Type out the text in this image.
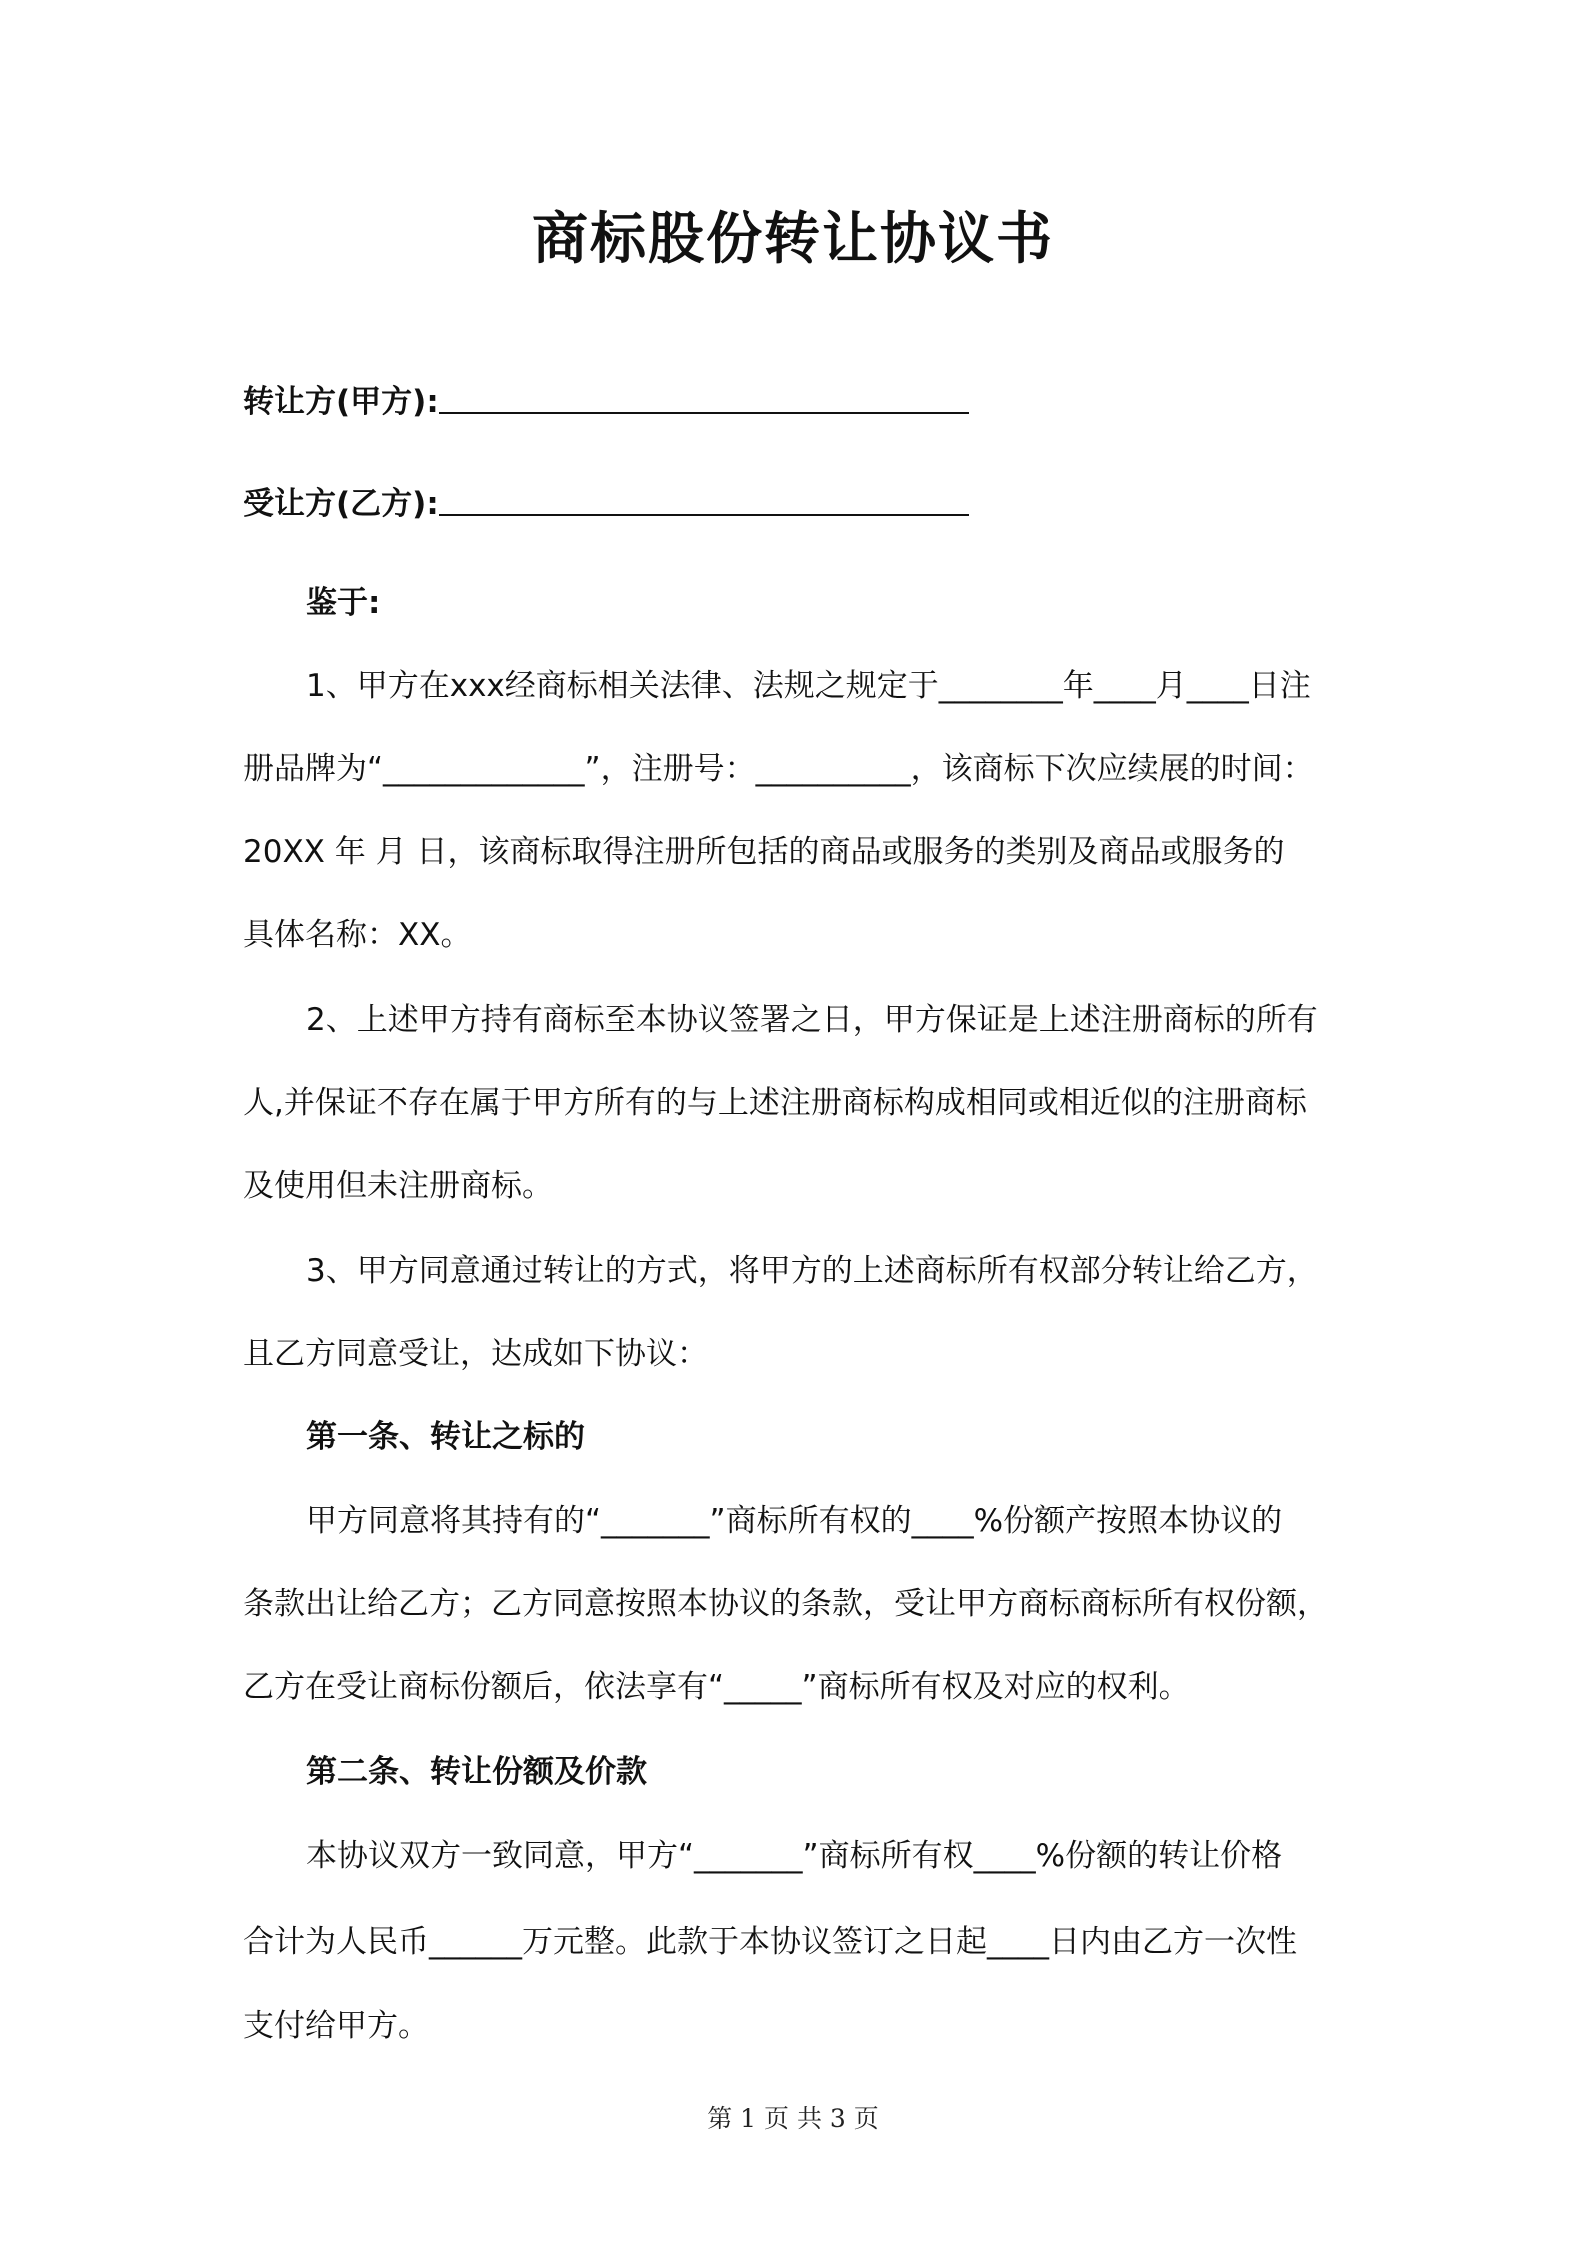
商标股份转让协议书
转让方(甲方):
受让方(乙方):
鉴于:
1、甲方在xxx经商标相关法律、法规之规定于________年____月____日注
册品牌为“_____________”，注册号：__________，该商标下次应续展的时间：
20XX 年 月 日，该商标取得注册所包括的商品或服务的类别及商品或服务的
具体名称：XX。
2、上述甲方持有商标至本协议签署之日，甲方保证是上述注册商标的所有
人,并保证不存在属于甲方所有的与上述注册商标构成相同或相近似的注册商标
及使用但未注册商标。
3、甲方同意通过转让的方式，将甲方的上述商标所有权部分转让给乙方，
且乙方同意受让，达成如下协议：
第一条、转让之标的
甲方同意将其持有的“_______”商标所有权的____%份额产按照本协议的
条款出让给乙方；乙方同意按照本协议的条款，受让甲方商标商标所有权份额，
乙方在受让商标份额后，依法享有“_____”商标所有权及对应的权利。
第二条、转让份额及价款
本协议双方一致同意，甲方“_______”商标所有权____%份额的转让价格
合计为人民币______万元整。此款于本协议签订之日起____日内由乙方一次性
支付给甲方。
第 1 页 共 3 页
